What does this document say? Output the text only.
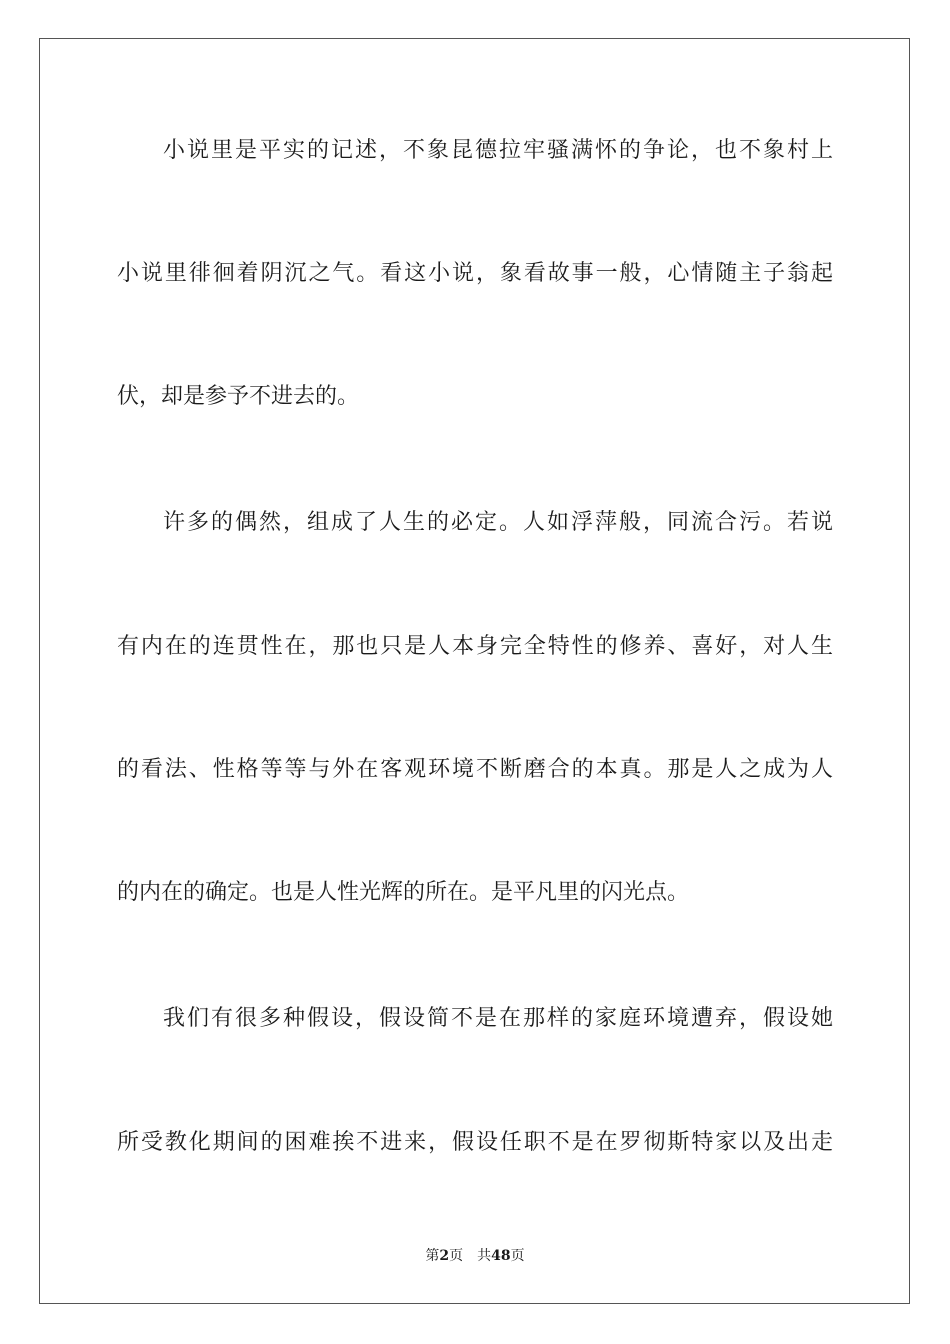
小说里是平实的记述，不象昆德拉牢骚满怀的争论，也不象村上
小说里徘徊着阴沉之气。看这小说，象看故事一般，心情随主子翁起
伏，却是参予不进去的。
许多的偶然，组成了人生的必定。人如浮萍般，同流合污。若说
有内在的连贯性在，那也只是人本身完全特性的修养、喜好，对人生
的看法、性格等等与外在客观环境不断磨合的本真。那是人之成为人
的内在的确定。也是人性光辉的所在。是平凡里的闪光点。
我们有很多种假设，假设简不是在那样的家庭环境遭弃，假设她
所受教化期间的困难挨不进来，假设任职不是在罗彻斯特家以及出走
第2页 共48页
